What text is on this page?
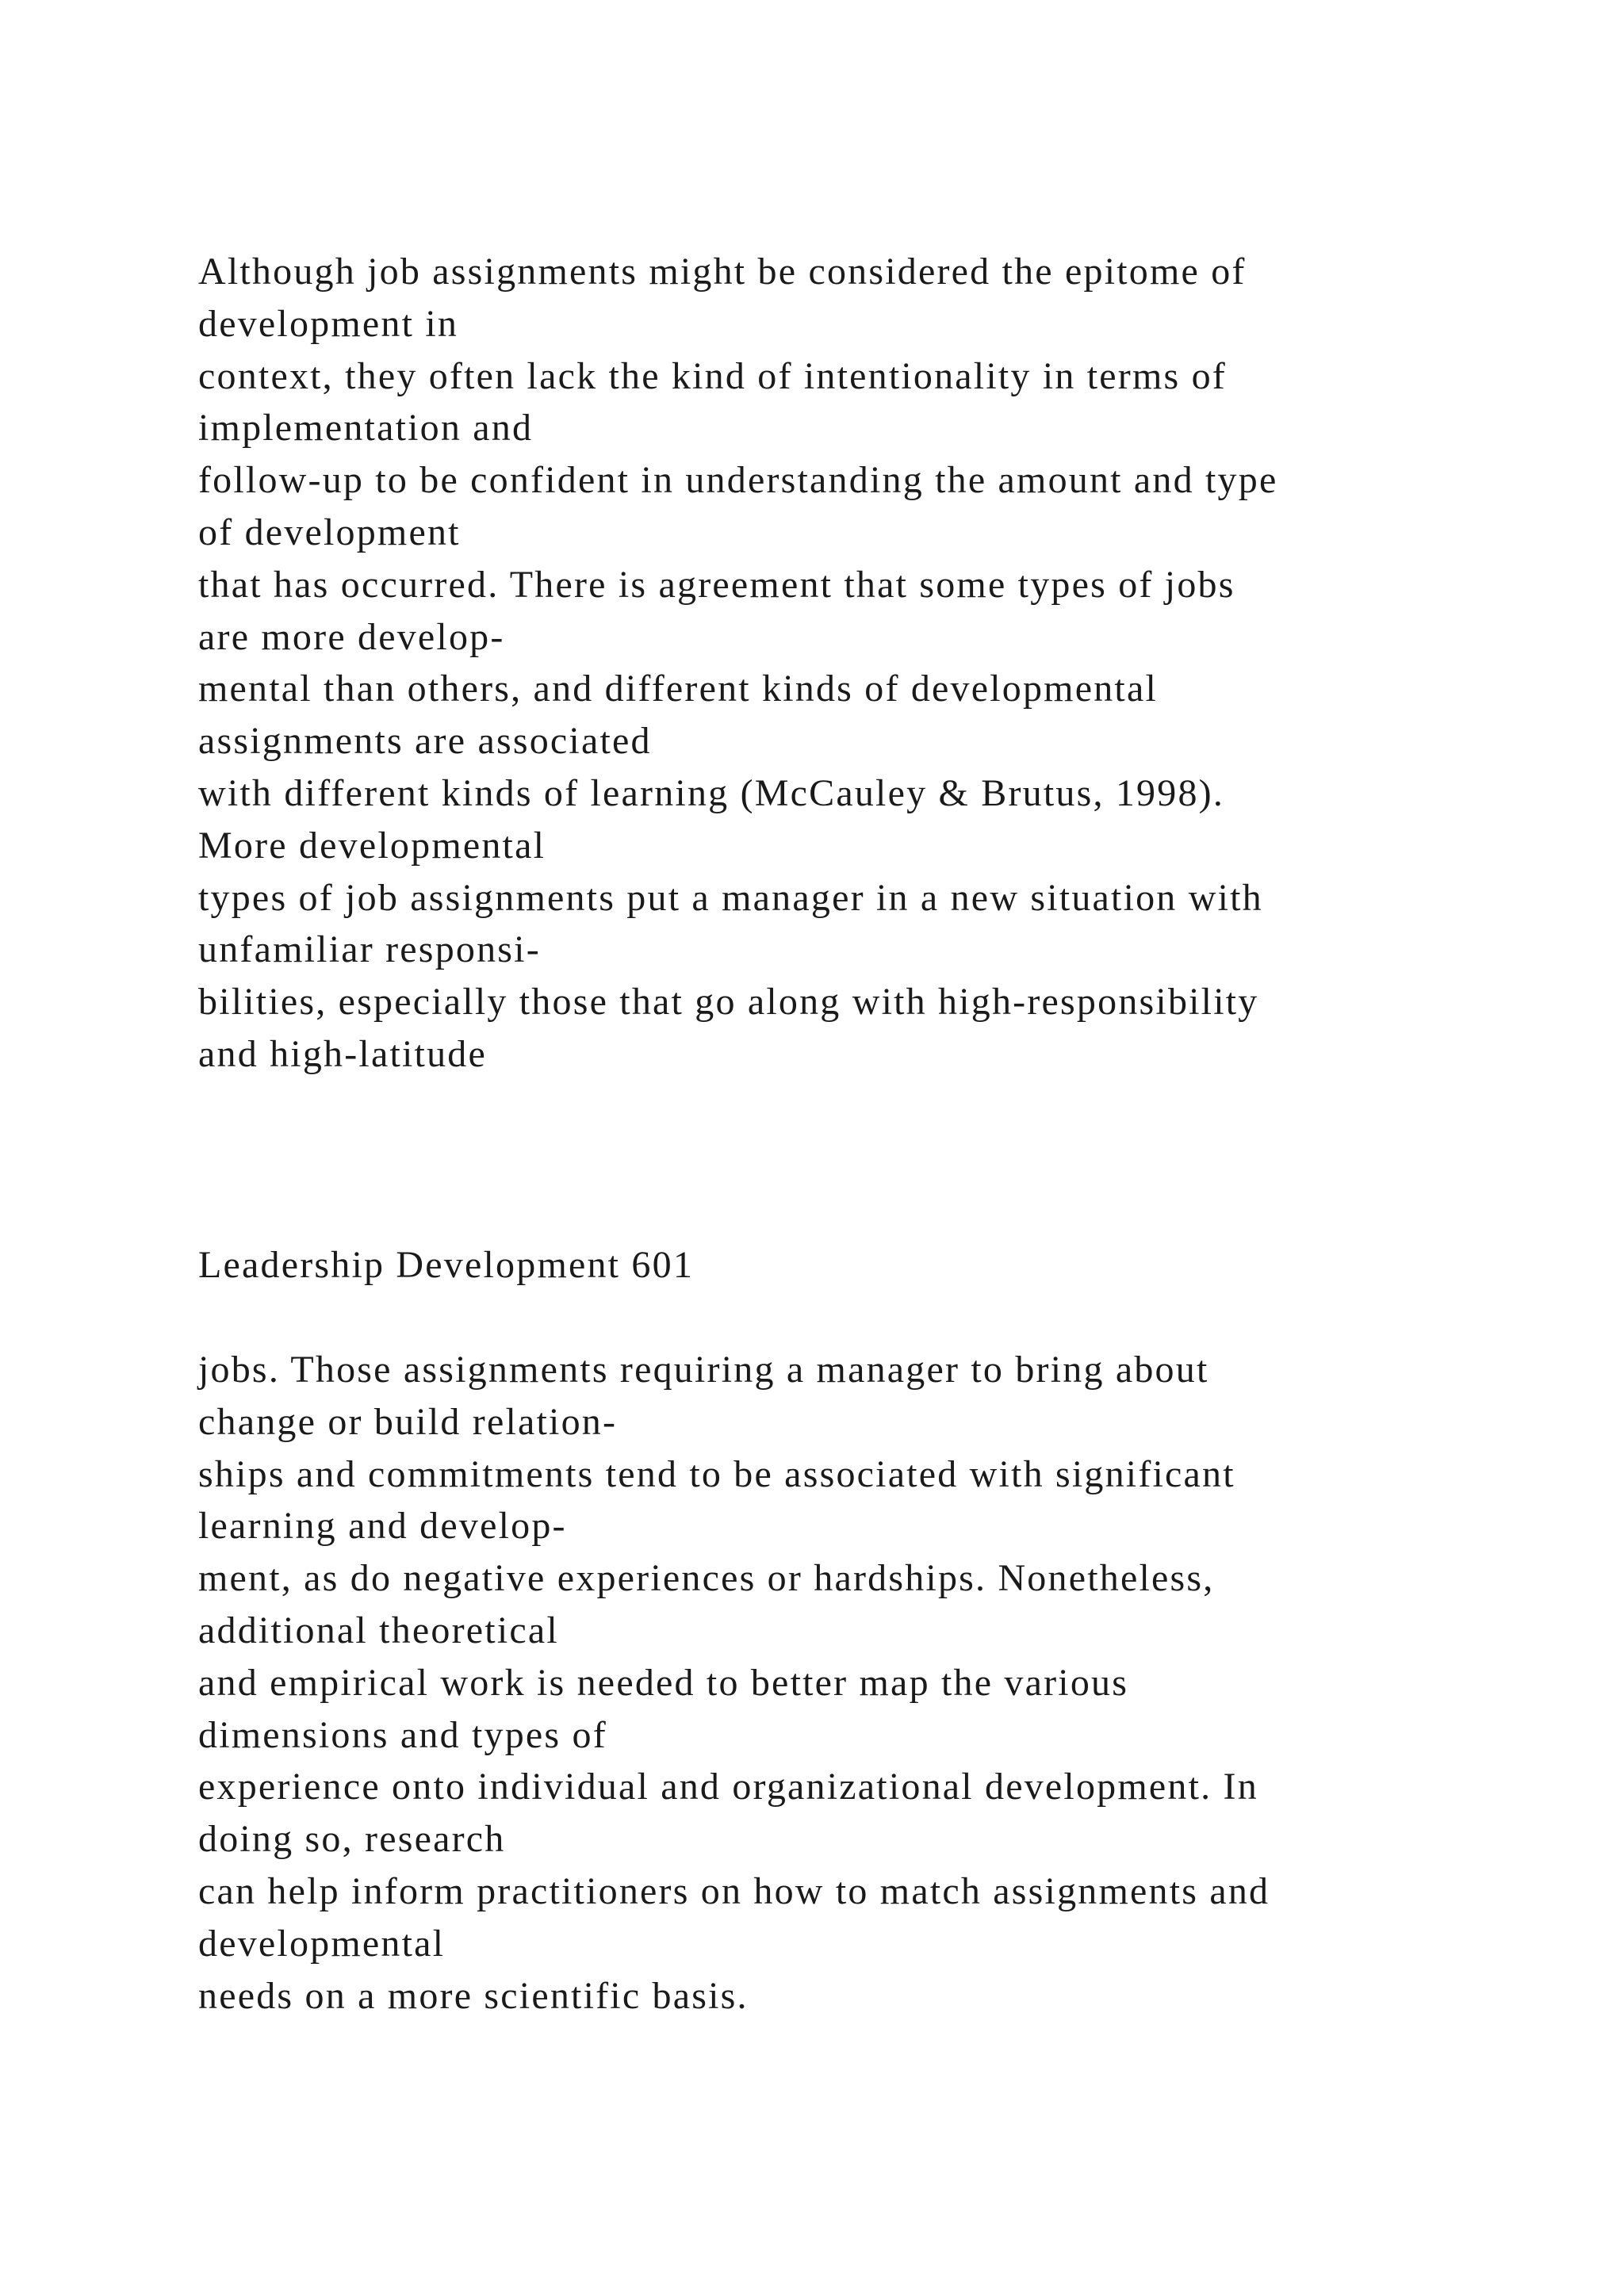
Although job assignments might be considered the epitome of
development in
context, they often lack the kind of intentionality in terms of
implementation and
follow-up to be confident in understanding the amount and type
of development
that has occurred. There is agreement that some types of jobs
are more develop-
mental than others, and different kinds of developmental
assignments are associated
with different kinds of learning (McCauley & Brutus, 1998).
More developmental
types of job assignments put a manager in a new situation with
unfamiliar responsi-
bilities, especially those that go along with high-responsibility
and high-latitude
Leadership Development 601
jobs. Those assignments requiring a manager to bring about
change or build relation-
ships and commitments tend to be associated with significant
learning and develop-
ment, as do negative experiences or hardships. Nonetheless,
additional theoretical
and empirical work is needed to better map the various
dimensions and types of
experience onto individual and organizational development. In
doing so, research
can help inform practitioners on how to match assignments and
developmental
needs on a more scientific basis.
